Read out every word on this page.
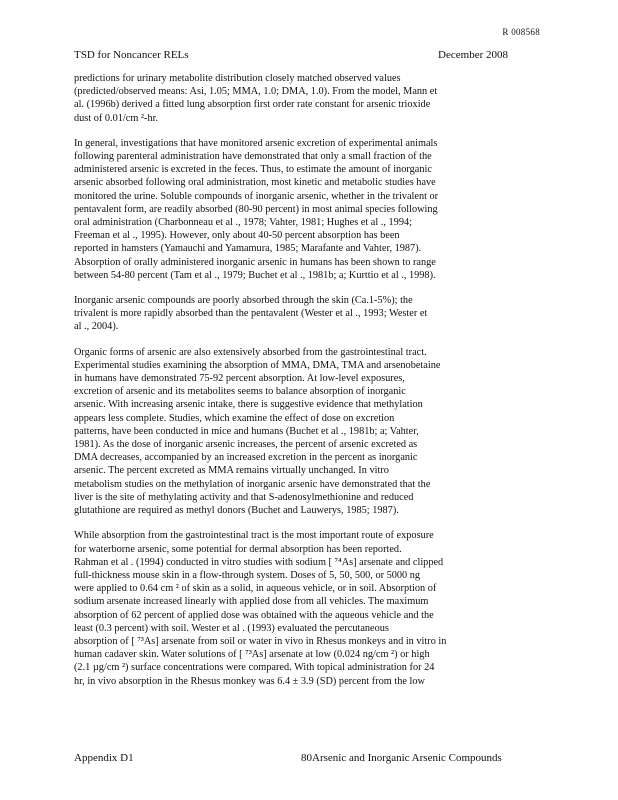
R 008568
TSD for Noncancer RELs	December 2008
predictions for urinary metabolite distribution closely matched observed values
(predicted/observed means: Asi, 1.05; MMA, 1.0; DMA, 1.0). From the model, Mann et
al. (1996b) derived a fitted lung absorption first order rate constant for arsenic trioxide
dust of 0.01/cm ²-hr.
In general, investigations that have monitored arsenic excretion of experimental animals
following parenteral administration have demonstrated that only a small fraction of the
administered arsenic is excreted in the feces. Thus, to estimate the amount of inorganic
arsenic absorbed following oral administration, most kinetic and metabolic studies have
monitored the urine. Soluble compounds of inorganic arsenic, whether in the trivalent or
pentavalent form, are readily absorbed (80-90 percent) in most animal species following
oral administration (Charbonneau et al ., 1978; Vahter, 1981; Hughes et al ., 1994;
Freeman et al ., 1995). However, only about 40-50 percent absorption has been
reported in hamsters (Yamauchi and Yamamura, 1985; Marafante and Vahter, 1987).
Absorption of orally administered inorganic arsenic in humans has been shown to range
between 54-80 percent (Tam et al ., 1979; Buchet et al ., 1981b; a; Kurttio et al ., 1998).
Inorganic arsenic compounds are poorly absorbed through the skin (Ca.1-5%); the
trivalent is more rapidly absorbed than the pentavalent (Wester et al ., 1993; Wester et
al ., 2004).
Organic forms of arsenic are also extensively absorbed from the gastrointestinal tract.
Experimental studies examining the absorption of MMA, DMA, TMA and arsenobetaine
in humans have demonstrated 75-92 percent absorption. At low-level exposures,
excretion of arsenic and its metabolites seems to balance absorption of inorganic
arsenic. With increasing arsenic intake, there is suggestive evidence that methylation
appears less complete. Studies, which examine the effect of dose on excretion
patterns, have been conducted in mice and humans (Buchet et al ., 1981b; a; Vahter,
1981). As the dose of inorganic arsenic increases, the percent of arsenic excreted as
DMA decreases, accompanied by an increased excretion in the percent as inorganic
arsenic. The percent excreted as MMA remains virtually unchanged. In vitro
metabolism studies on the methylation of inorganic arsenic have demonstrated that the
liver is the site of methylating activity and that S-adenosylmethionine and reduced
glutathione are required as methyl donors (Buchet and Lauwerys, 1985; 1987).
While absorption from the gastrointestinal tract is the most important route of exposure
for waterborne arsenic, some potential for dermal absorption has been reported.
Rahman et al . (1994) conducted in vitro studies with sodium [ ⁷⁴As] arsenate and clipped
full-thickness mouse skin in a flow-through system. Doses of 5, 50, 500, or 5000 ng
were applied to 0.64 cm ² of skin as a solid, in aqueous vehicle, or in soil. Absorption of
sodium arsenate increased linearly with applied dose from all vehicles. The maximum
absorption of 62 percent of applied dose was obtained with the aqueous vehicle and the
least (0.3 percent) with soil. Wester et al . (1993) evaluated the percutaneous
absorption of [ ⁷³As] arsenate from soil or water in vivo in Rhesus monkeys and in vitro in
human cadaver skin. Water solutions of [ ⁷³As] arsenate at low (0.024 ng/cm ²) or high
(2.1 µg/cm ²) surface concentrations were compared. With topical administration for 24
hr, in vivo absorption in the Rhesus monkey was 6.4 ± 3.9 (SD) percent from the low
Appendix D1	80Arsenic and Inorganic Arsenic Compounds
